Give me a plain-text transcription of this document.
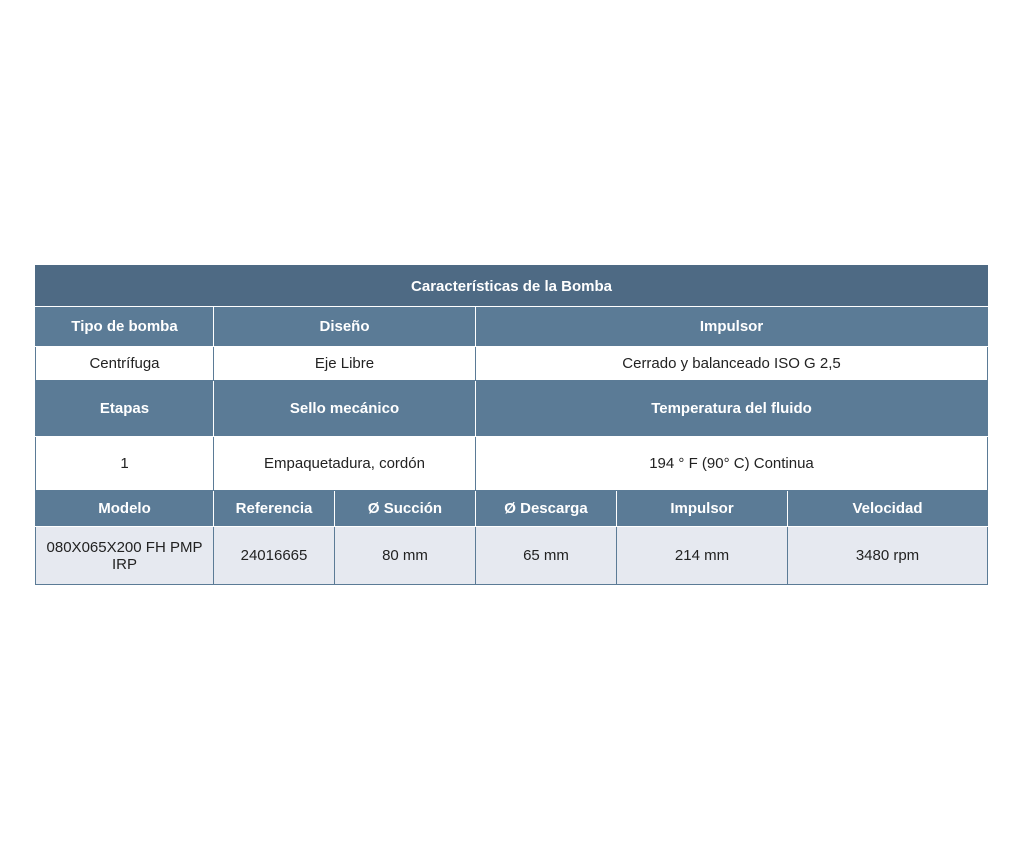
Características de la Bomba					
Tipo de bomba	Diseño		Impulsor		
Centrífuga	Eje Libre		Cerrado y balanceado ISO G 2,5		
Etapas	Sello mecánico		Temperatura del fluido		
1	Empaquetadura, cordón		194 ° F (90° C) Continua		
Modelo	Referencia	Ø Succión	Ø Descarga	Impulsor	Velocidad
080X065X200 FH PMP IRP	24016665	80 mm	65 mm	214 mm	3480 rpm
